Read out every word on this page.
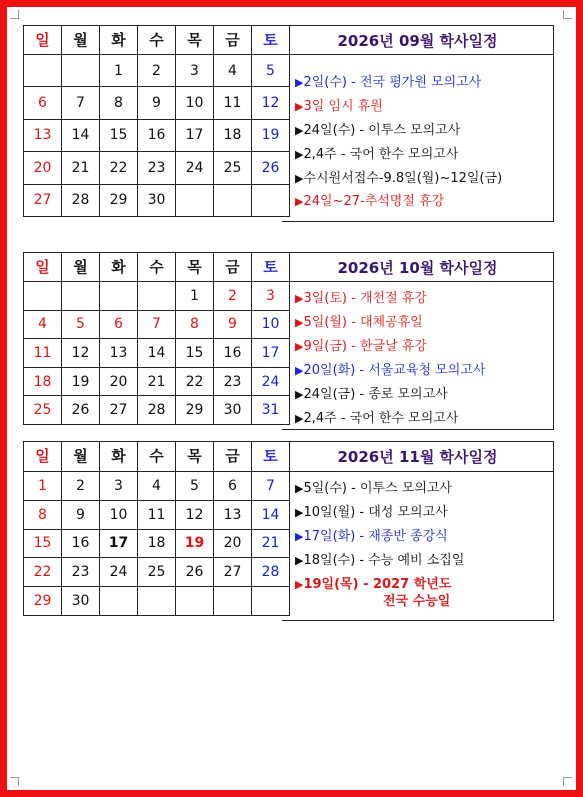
일	월	화	수	목	금	토
		1	2	3	4	5
6	7	8	9	10	11	12
13	14	15	16	17	18	19
20	21	22	23	24	25	26
27	28	29	30			
2026년 09월 학사일정
▶2일(수) - 전국 평가원 모의고사
▶3일 임시 휴원
▶24일(수) - 이투스 모의고사
▶2,4주 - 국어 한수 모의고사
▶수시원서접수-9.8일(월)~12일(금)
▶24일~27-추석명절 휴강
일	월	화	수	목	금	토
				1	2	3
4	5	6	7	8	9	10
11	12	13	14	15	16	17
18	19	20	21	22	23	24
25	26	27	28	29	30	31
2026년 10월 학사일정
▶3일(토) - 개천절 휴강
▶5일(월) - 대체공휴일
▶9일(금) - 한글날 휴강
▶20일(화) - 서울교육청 모의고사
▶24일(금) - 종로 모의고사
▶2,4주 - 국어 한수 모의고사
일	월	화	수	목	금	토
1	2	3	4	5	6	7
8	9	10	11	12	13	14
15	16	17	18	19	20	21
22	23	24	25	26	27	28
29	30					
2026년 11월 학사일정
▶5일(수) - 이투스 모의고사
▶10일(월) - 대성 모의고사
▶17일(화) - 재종반 종강식
▶18일(수) - 수능 예비 소집일
▶19일(목) - 2027 학년도
전국 수능일
